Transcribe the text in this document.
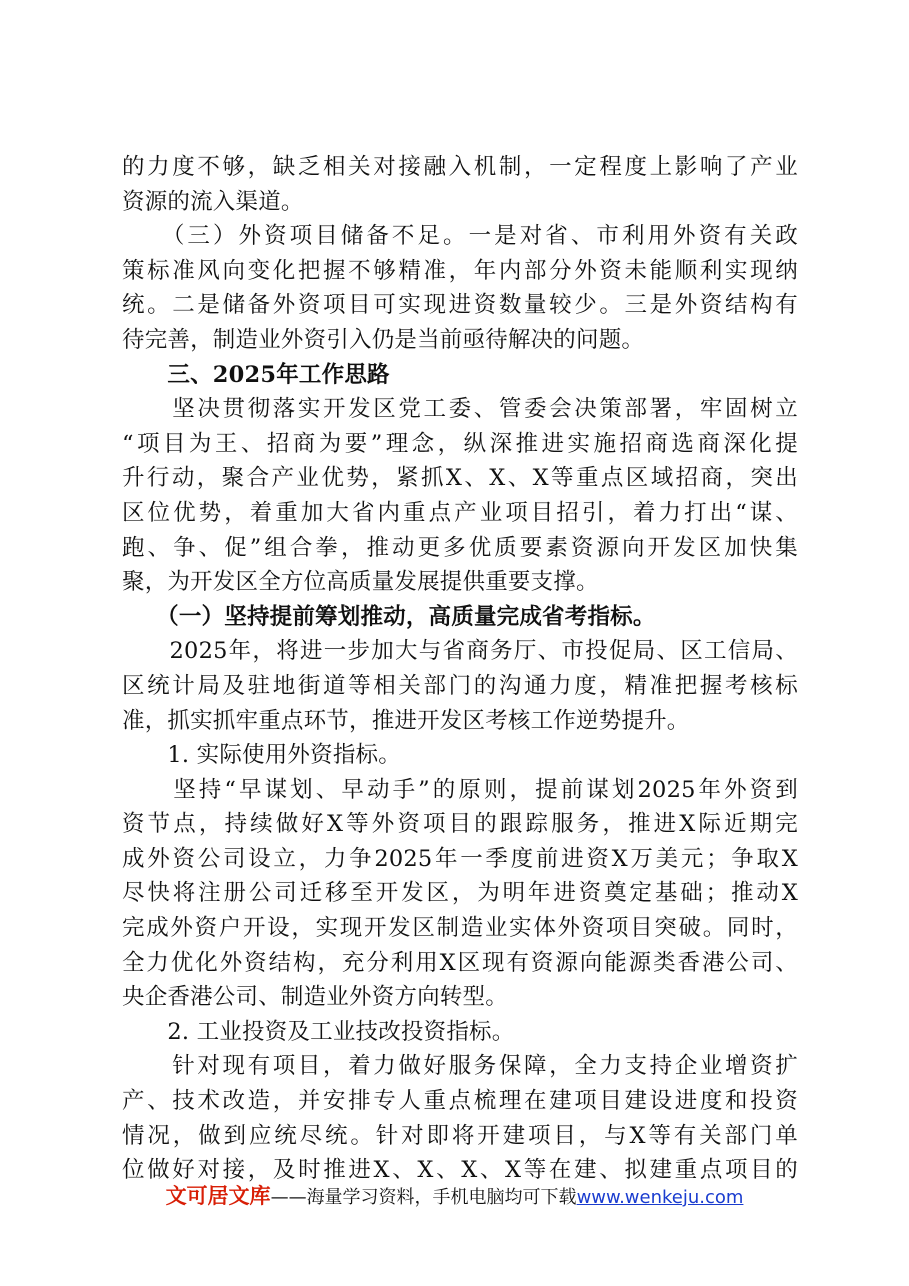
的力度不够，缺乏相关对接融入机制，一定程度上影响了产业
资源的流入渠道。
　　（三）外资项目储备不足。一是对省、市利用外资有关政
策标准风向变化把握不够精准，年内部分外资未能顺利实现纳
统。二是储备外资项目可实现进资数量较少。三是外资结构有
待完善，制造业外资引入仍是当前亟待解决的问题。
　　三、2025年工作思路
　　坚决贯彻落实开发区党工委、管委会决策部署，牢固树立
“项目为王、招商为要”理念，纵深推进实施招商选商深化提
升行动，聚合产业优势，紧抓X、X、X等重点区域招商，突出
区位优势，着重加大省内重点产业项目招引，着力打出“谋、
跑、争、促”组合拳，推动更多优质要素资源向开发区加快集
聚，为开发区全方位高质量发展提供重要支撑。
　　（一）坚持提前筹划推动，高质量完成省考指标。
　　2025年，将进一步加大与省商务厅、市投促局、区工信局、
区统计局及驻地街道等相关部门的沟通力度，精准把握考核标
准，抓实抓牢重点环节，推进开发区考核工作逆势提升。
　　1. 实际使用外资指标。
　　坚持“早谋划、早动手”的原则，提前谋划2025年外资到
资节点，持续做好X等外资项目的跟踪服务，推进X际近期完
成外资公司设立，力争2025年一季度前进资X万美元；争取X
尽快将注册公司迁移至开发区，为明年进资奠定基础；推动X
完成外资户开设，实现开发区制造业实体外资项目突破。同时，
全力优化外资结构，充分利用X区现有资源向能源类香港公司、
央企香港公司、制造业外资方向转型。
　　2. 工业投资及工业技改投资指标。
　　针对现有项目，着力做好服务保障，全力支持企业增资扩
产、技术改造，并安排专人重点梳理在建项目建设进度和投资
情况，做到应统尽统。针对即将开建项目，与X等有关部门单
位做好对接，及时推进X、X、X、X等在建、拟建重点项目的
文可居文库——海量学习资料，手机电脑均可下载www.wenkeju.com
